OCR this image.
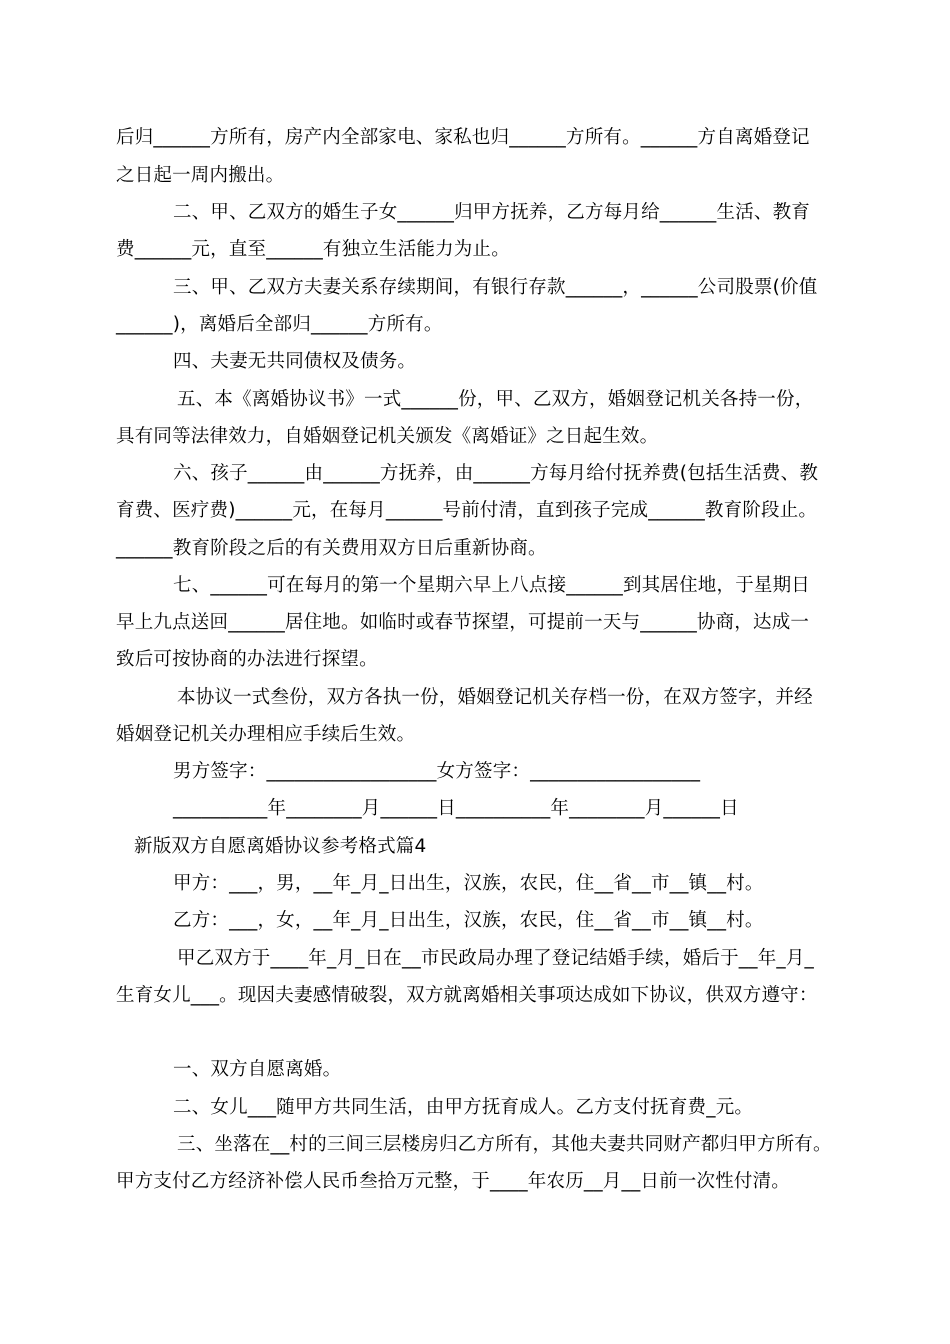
后归______方所有，房产内全部家电、家私也归______方所有。______方自离婚登记
之日起一周内搬出。
二、甲、乙双方的婚生子女______归甲方抚养，乙方每月给______生活、教育
费______元，直至______有独立生活能力为止。
三、甲、乙双方夫妻关系存续期间，有银行存款______，______公司股票(价值
______)，离婚后全部归______方所有。
四、夫妻无共同债权及债务。
五、本《离婚协议书》一式______份，甲、乙双方，婚姻登记机关各持一份，
具有同等法律效力，自婚姻登记机关颁发《离婚证》之日起生效。
六、孩子______由______方抚养，由______方每月给付抚养费(包括生活费、教
育费、医疗费)______元，在每月______号前付清，直到孩子完成______教育阶段止。
______教育阶段之后的有关费用双方日后重新协商。
七、______可在每月的第一个星期六早上八点接______到其居住地，于星期日
早上九点送回______居住地。如临时或春节探望，可提前一天与______协商，达成一
致后可按协商的办法进行探望。
本协议一式叁份，双方各执一份，婚姻登记机关存档一份，在双方签字，并经
婚姻登记机关办理相应手续后生效。
男方签字：__________________女方签字：__________________
__________年________月______日__________年________月______日
新版双方自愿离婚协议参考格式篇4
甲方：___，男，__年_月_日出生，汉族，农民，住__省__市__镇__村。
乙方：___，女，__年_月_日出生，汉族，农民，住__省__市__镇__村。
甲乙双方于____年_月_日在__市民政局办理了登记结婚手续，婚后于__年_月_
生育女儿___。现因夫妻感情破裂，双方就离婚相关事项达成如下协议，供双方遵守：
一、双方自愿离婚。
二、女儿___随甲方共同生活，由甲方抚育成人。乙方支付抚育费_元。
三、坐落在__村的三间三层楼房归乙方所有，其他夫妻共同财产都归甲方所有。
甲方支付乙方经济补偿人民币叁拾万元整，于____年农历__月__日前一次性付清。
